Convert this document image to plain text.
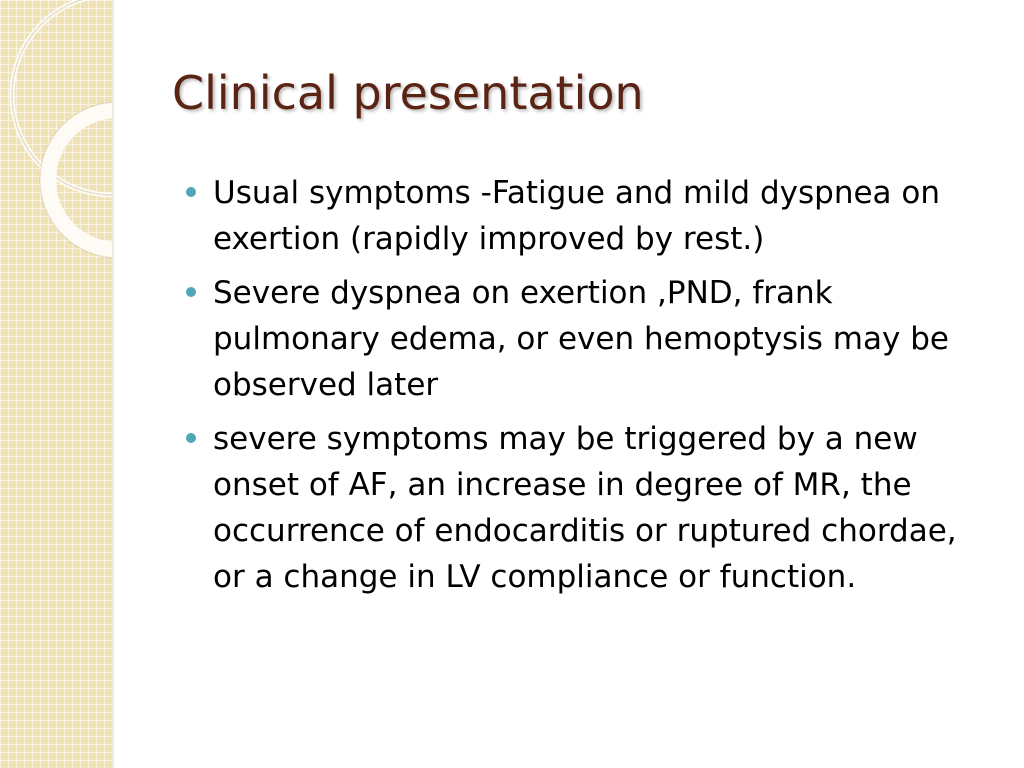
Clinical presentation
Usual symptoms -Fatigue and mild dyspnea on exertion (rapidly improved by rest.)
Severe dyspnea on exertion ,PND, frank pulmonary edema, or even hemoptysis may be observed later
severe symptoms may be triggered by a new onset of AF, an increase in degree of MR, the occurrence of endocarditis or ruptured chordae, or a change in LV compliance or function.
